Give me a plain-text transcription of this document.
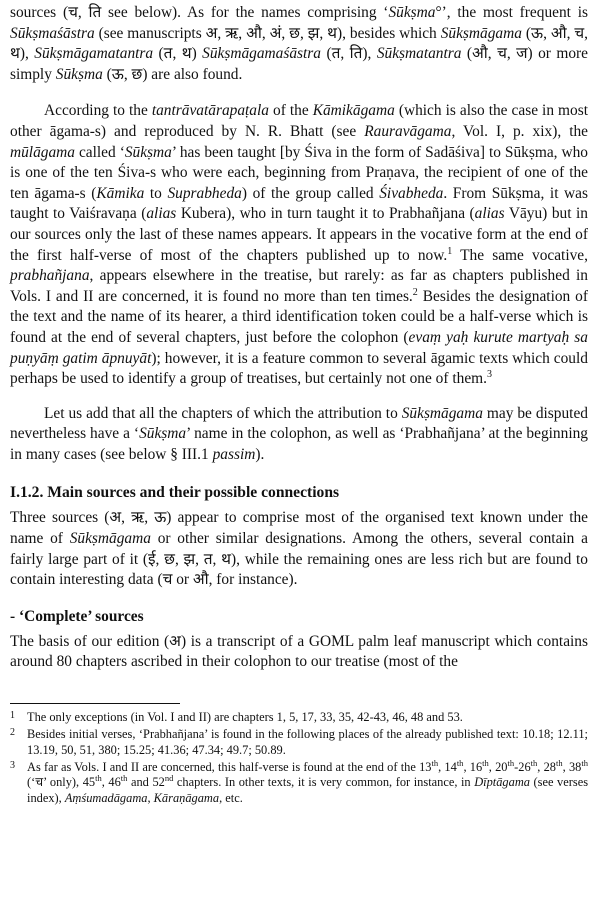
sources (च, ति see below). As for the names comprising ‘Sūkṣma°’, the most frequent is Sūkṣmaśāstra (see manuscripts अ, ऋ, औ, अं, छ, झ, थ), besides which Sūkṣmāgama (ऊ, औ, च, थ), Sūkṣmāgamatantra (त, थ) Sūkṣmāgamaśāstra (त, ति), Sūkṣmatantra (औ, च, ज) or more simply Sūkṣma (ऊ, छ) are also found.

According to the tantrāvatārapaṭala of the Kāmikāgama (which is also the case in most other āgama-s) and reproduced by N. R. Bhatt (see Rauravāgama, Vol. I, p. xix), the mūlāgama called ‘Sūkṣma’ has been taught [by Śiva in the form of Sadāśiva] to Sūkṣma, who is one of the ten Śiva-s who were each, beginning from Praṇava, the recipient of one of the ten āgama-s (Kāmika to Suprabheda) of the group called Śivabheda. From Sūkṣma, it was taught to Vaiśravaṇa (alias Kubera), who in turn taught it to Prabhañjana (alias Vāyu) but in our sources only the last of these names appears. It appears in the vocative form at the end of the first half-verse of most of the chapters published up to now.$^1$ The same vocative, prabhañjana, appears elsewhere in the treatise, but rarely: as far as chapters published in Vols. I and II are concerned, it is found no more than ten times.$^2$ Besides the designation of the text and the name of its hearer, a third identification token could be a half-verse which is found at the end of several chapters, just before the colophon (evaṃ yaḥ kurute martyaḥ sa puṇyāṃ gatim āpnuyāt); however, it is a feature common to several āgamic texts which could perhaps be used to identify a group of treatises, but certainly not one of them.$^3$

Let us add that all the chapters of which the attribution to Sūkṣmāgama may be disputed nevertheless have a ‘Sūkṣma’ name in the colophon, as well as ‘Prabhañjana’ at the beginning in many cases (see below § III.1 passim).

I.1.2. Main sources and their possible connections

Three sources (अ, ऋ, ऊ) appear to comprise most of the organised text known under the name of Sūkṣmāgama or other similar designations. Among the others, several contain a fairly large part of it (ई, छ, झ, त, थ), while the remaining ones are less rich but are found to contain interesting data (च or औ, for instance).

- ‘Complete’ sources

The basis of our edition (अ) is a transcript of a GOML palm leaf manuscript which contains around 80 chapters ascribed in their colophon to our treatise (most of the

1 The only exceptions (in Vol. I and II) are chapters 1, 5, 17, 33, 35, 42-43, 46, 48 and 53.
2 Besides initial verses, ‘Prabhañjana’ is found in the following places of the already published text: 10.18; 12.11; 13.19, 50, 51, 380; 15.25; 41.36; 47.34; 49.7; 50.89.
3 As far as Vols. I and II are concerned, this half-verse is found at the end of the 13th, 14th, 16th, 20th-26th, 28th, 38th (‘च’ only), 45th, 46th and 52nd chapters. In other texts, it is very common, for instance, in Dīptāgama (see verses index), Aṃśumadāgama, Kāraṇāgama, etc.
